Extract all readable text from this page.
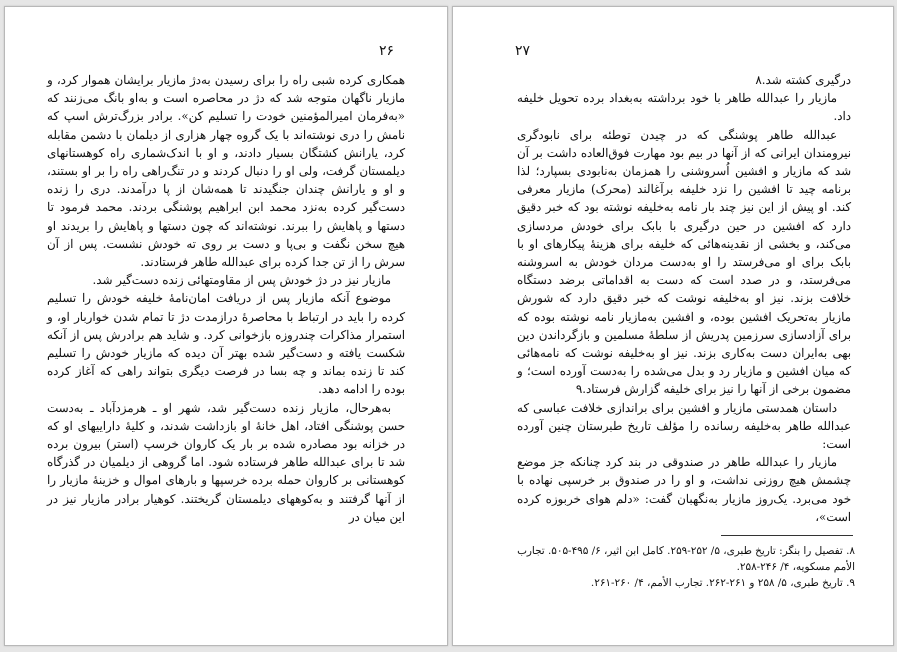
۲۶

همکاری کرده شبی راه را برای رسیدن به‌دژ مازیار برایشان هموار کرد، و مازیار ناگهان متوجه شد که دژ در محاصره است و به‌او بانگ می‌زنند که «به‌فرمان امیرالمؤمنین خودت را تسلیم کن». برادر بزرگ‌ترش اسپ که نامش را دری نوشته‌اند با یک گروه چهار هزاری از دیلمان با دشمن مقابله کرد، یارانش کشتگان بسیار دادند، و او با اندک‌شماری راه کوهستانهای دیلمستان گرفت، ولی او را دنبال کردند و در تنگ‌راهی راه را بر او بستند، و او و یارانش چندان جنگیدند تا همه‌شان از پا درآمدند. دری را زنده دست‌گیر کرده به‌نزد محمد ابن ابراهیم پوشنگی بردند. محمد فرمود تا دستها و پاهایش را ببرند. نوشته‌اند که چون دستها و پاهایش را بریدند او هیچ سخن نگفت و بی‌پا و دست بر روی ته خودش نشست. پس از آن سرش را از تن جدا کرده برای عبدالله طاهر فرستادند.

مازیار نیز در دژ خودش پس از مقاومتهائی زنده دست‌گیر شد.

موضوع آنکه مازیار پس از دریافت امان‌نامهٔ خلیفه خودش را تسلیم کرده را باید در ارتباط با محاصرهٔ درازمدت دژ تا تمام شدن خواربار او، و استمرار مذاکرات چندروزه بازخوانی کرد. و شاید هم برادرش پس از آنکه شکست یافته و دست‌گیر شده بهتر آن دیده که مازیار خودش را تسلیم کند تا زنده بماند و چه بسا در فرصت دیگری بتواند راهی که آغاز کرده بوده را ادامه دهد.

به‌هرحال، مازیار زنده دست‌گیر شد، شهر او ـ هرمزدآباد ـ به‌دست حسن پوشنگی افتاد، اهل خانهٔ او بازداشت شدند، و کلیهٔ داراییهای او که در خزانه بود مصادره شده بر بار یک کاروان خرسپ (استر) بیرون برده شد تا برای عبدالله طاهر فرستاده شود. اما گروهی از دیلمیان در گذرگاه کوهستانی بر کاروان حمله برده خرسپها و بارهای اموال و خزینهٔ مازیار را از آنها گرفتند و به‌کوههای دیلمستان گریختند. کوهیار برادر مازیار نیز در این میان در

۲۷

درگیری کشته شد.۸

مازیار را عبدالله طاهر با خود برداشته به‌بغداد برده تحویل خلیفه داد.

عبدالله طاهر پوشنگی که در چیدن توطئه برای نابودگری نیرومندان ایرانی که از آنها در بیم بود مهارت فوق‌العاده داشت بر آن شد که مازیار و افشین اُسروشنی را همزمان به‌نابودی بسپارد؛ لذا برنامه چید تا افشین را نزد خلیفه برآغالند (محرک) مازیار معرفی کند. او پیش از این نیز چند بار نامه به‌خلیفه نوشته بود که خبر دقیق دارد که افشین در حین درگیری با بابک برای خودش مردسازی می‌کند، و بخشی از نقدینه‌هائی که خلیفه برای هزینهٔ پیکارهای او با بابک برای او می‌فرستد را او به‌دست مردان خودش به اسروشنه می‌فرستد، و در صدد است که دست به اقداماتی برضد دستگاه خلافت بزند. نیز او به‌خلیفه نوشت که خبر دقیق دارد که شورش مازیار به‌تحریک افشین بوده، و افشین به‌مازیار نامه نوشته بوده که برای آزادسازی سرزمین پدریش از سلطهٔ مسلمین و بازگرداندن دین بهی به‌ایران دست به‌کاری بزند. نیز او به‌خلیفه نوشت که نامه‌هائی که میان افشین و مازیار رد و بدل می‌شده را به‌دست آورده است؛ و مضمون برخی از آنها را نیز برای خلیفه گزارش فرستاد.۹

داستان همدستی مازیار و افشین برای براندازی خلافت عباسی که عبدالله طاهر به‌خلیفه رسانده را مؤلف تاریخ طبرستان چنین آورده است:

مازیار را عبدالله طاهر در صندوقی در بند کرد چنانکه جز موضع چشمش هیچ روزنی نداشت، و او را در صندوق بر خرسپی نهاده با خود می‌برد. یک‌روز مازیار به‌نگهبان گفت: «دلم هوای خربوزه کرده است»،

۸. تفصیل را بنگر: تاریخ طبری، ۵/ ۲۵۲-۲۵۹. کامل ابن اثیر، ۶/ ۴۹۵-۵۰۵. تجارب الأمم مسکویه، ۴/ ۲۴۶-۲۵۸.

۹. تاریخ طبری، ۵/ ۲۵۸ و ۲۶۱-۲۶۲. تجارب الأمم، ۴/ ۲۶۰-۲۶۱.
